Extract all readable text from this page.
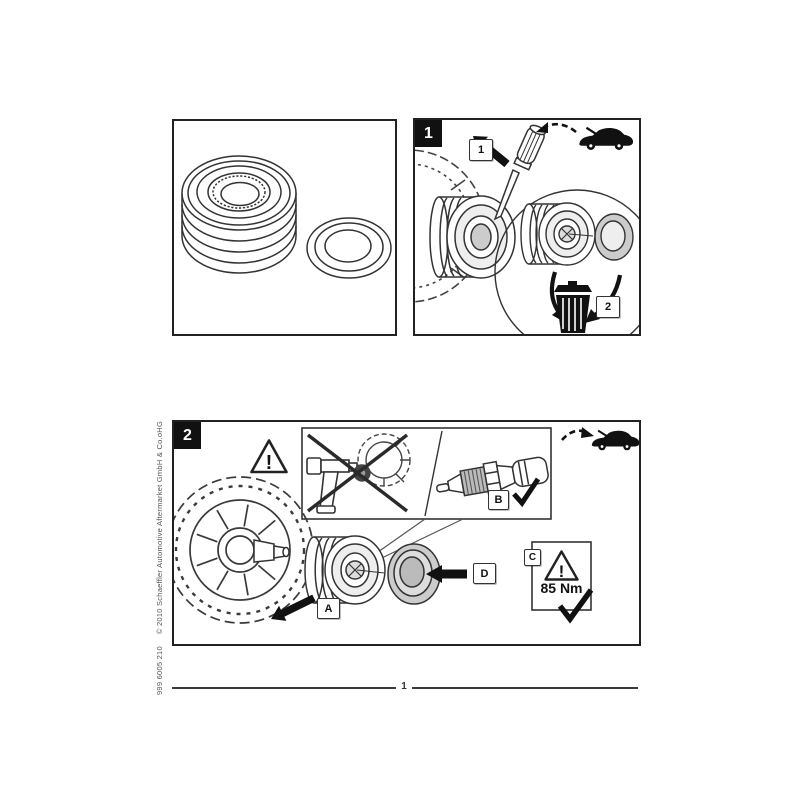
1
1
2
2
!
!
A
B
C
D
85 Nm
999 6005 210
© 2010 Schaeffler Automotive Aftermarket GmbH & Co.oHG
1
